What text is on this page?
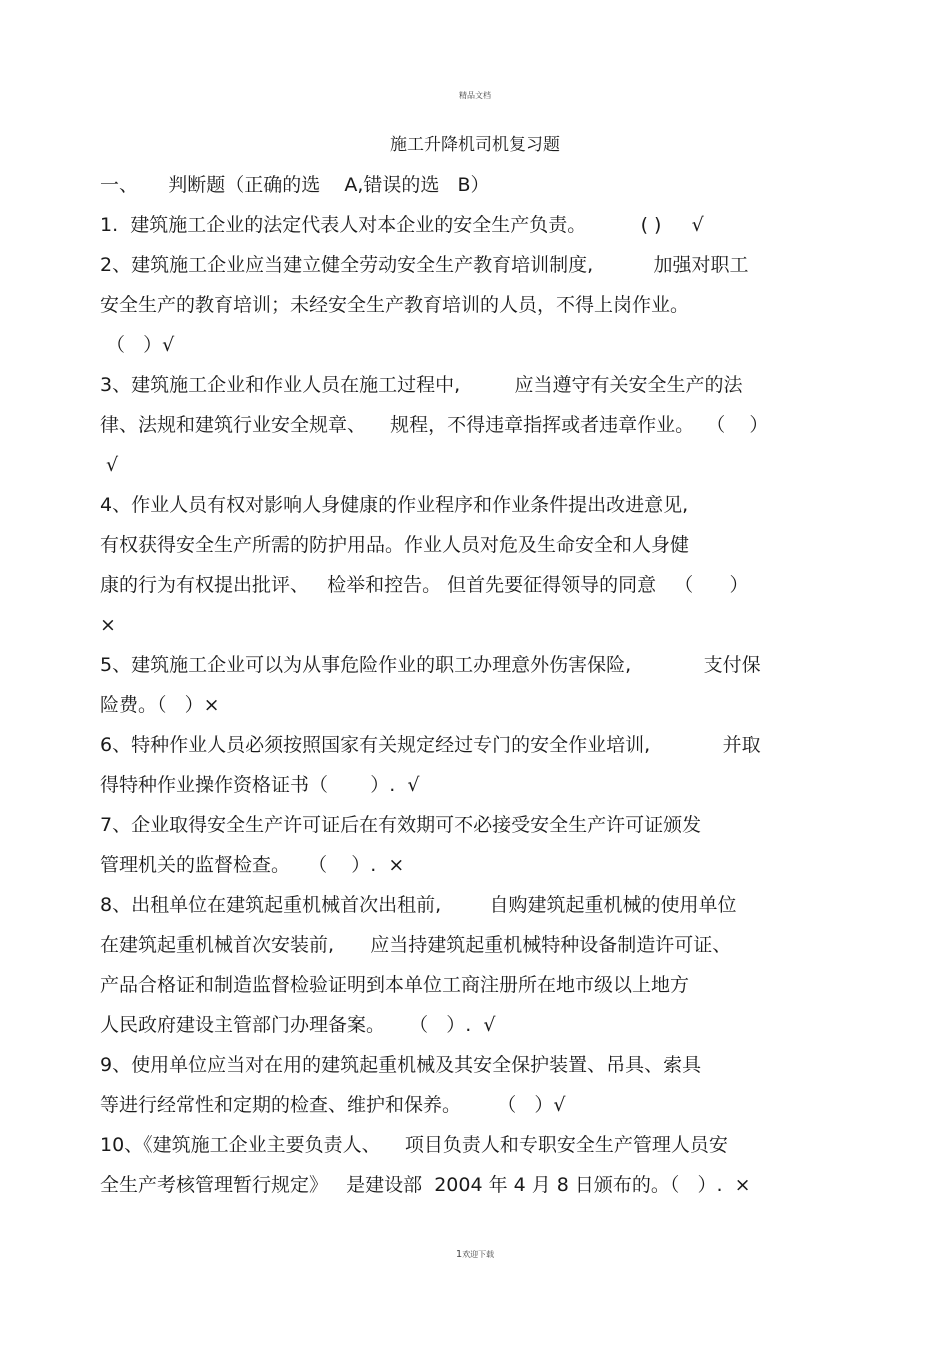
精品文档
施工升降机司机复习题
一、     判断题（正确的选    A,错误的选   B）
1.  建筑施工企业的法定代表人对本企业的安全生产负责。         ( )     √
2、建筑施工企业应当建立健全劳动安全生产教育培训制度,          加强对职工
安全生产的教育培训；未经安全生产教育培训的人员，不得上岗作业。
（   ）√
3、建筑施工企业和作业人员在施工过程中,         应当遵守有关安全生产的法
律、法规和建筑行业安全规章、    规程，不得违章指挥或者违章作业。  （    ）
√
4、作业人员有权对影响人身健康的作业程序和作业条件提出改进意见,
有权获得安全生产所需的防护用品。作业人员对危及生命安全和人身健
康的行为有权提出批评、   检举和控告。 但首先要征得领导的同意   （      ）
×
5、建筑施工企业可以为从事危险作业的职工办理意外伤害保险,            支付保
险费。（   ）×
6、特种作业人员必须按照国家有关规定经过专门的安全作业培训,            并取
得特种作业操作资格证书（       ）.  √
7、企业取得安全生产许可证后在有效期可不必接受安全生产许可证颁发
管理机关的监督检查。   （    ）.  ×
8、出租单位在建筑起重机械首次出租前,        自购建筑起重机械的使用单位
在建筑起重机械首次安装前,      应当持建筑起重机械特种设备制造许可证、
产品合格证和制造监督检验证明到本单位工商注册所在地市级以上地方
人民政府建设主管部门办理备案。    （   ）.  √
9、使用单位应当对在用的建筑起重机械及其安全保护装置、吊具、索具
等进行经常性和定期的检查、维护和保养。      （   ）√
10、《建筑施工企业主要负责人、    项目负责人和专职安全生产管理人员安
全生产考核管理暂行规定》   是建设部  2004 年 4 月 8 日颁布的。（   ）.  ×
1欢迎下载
